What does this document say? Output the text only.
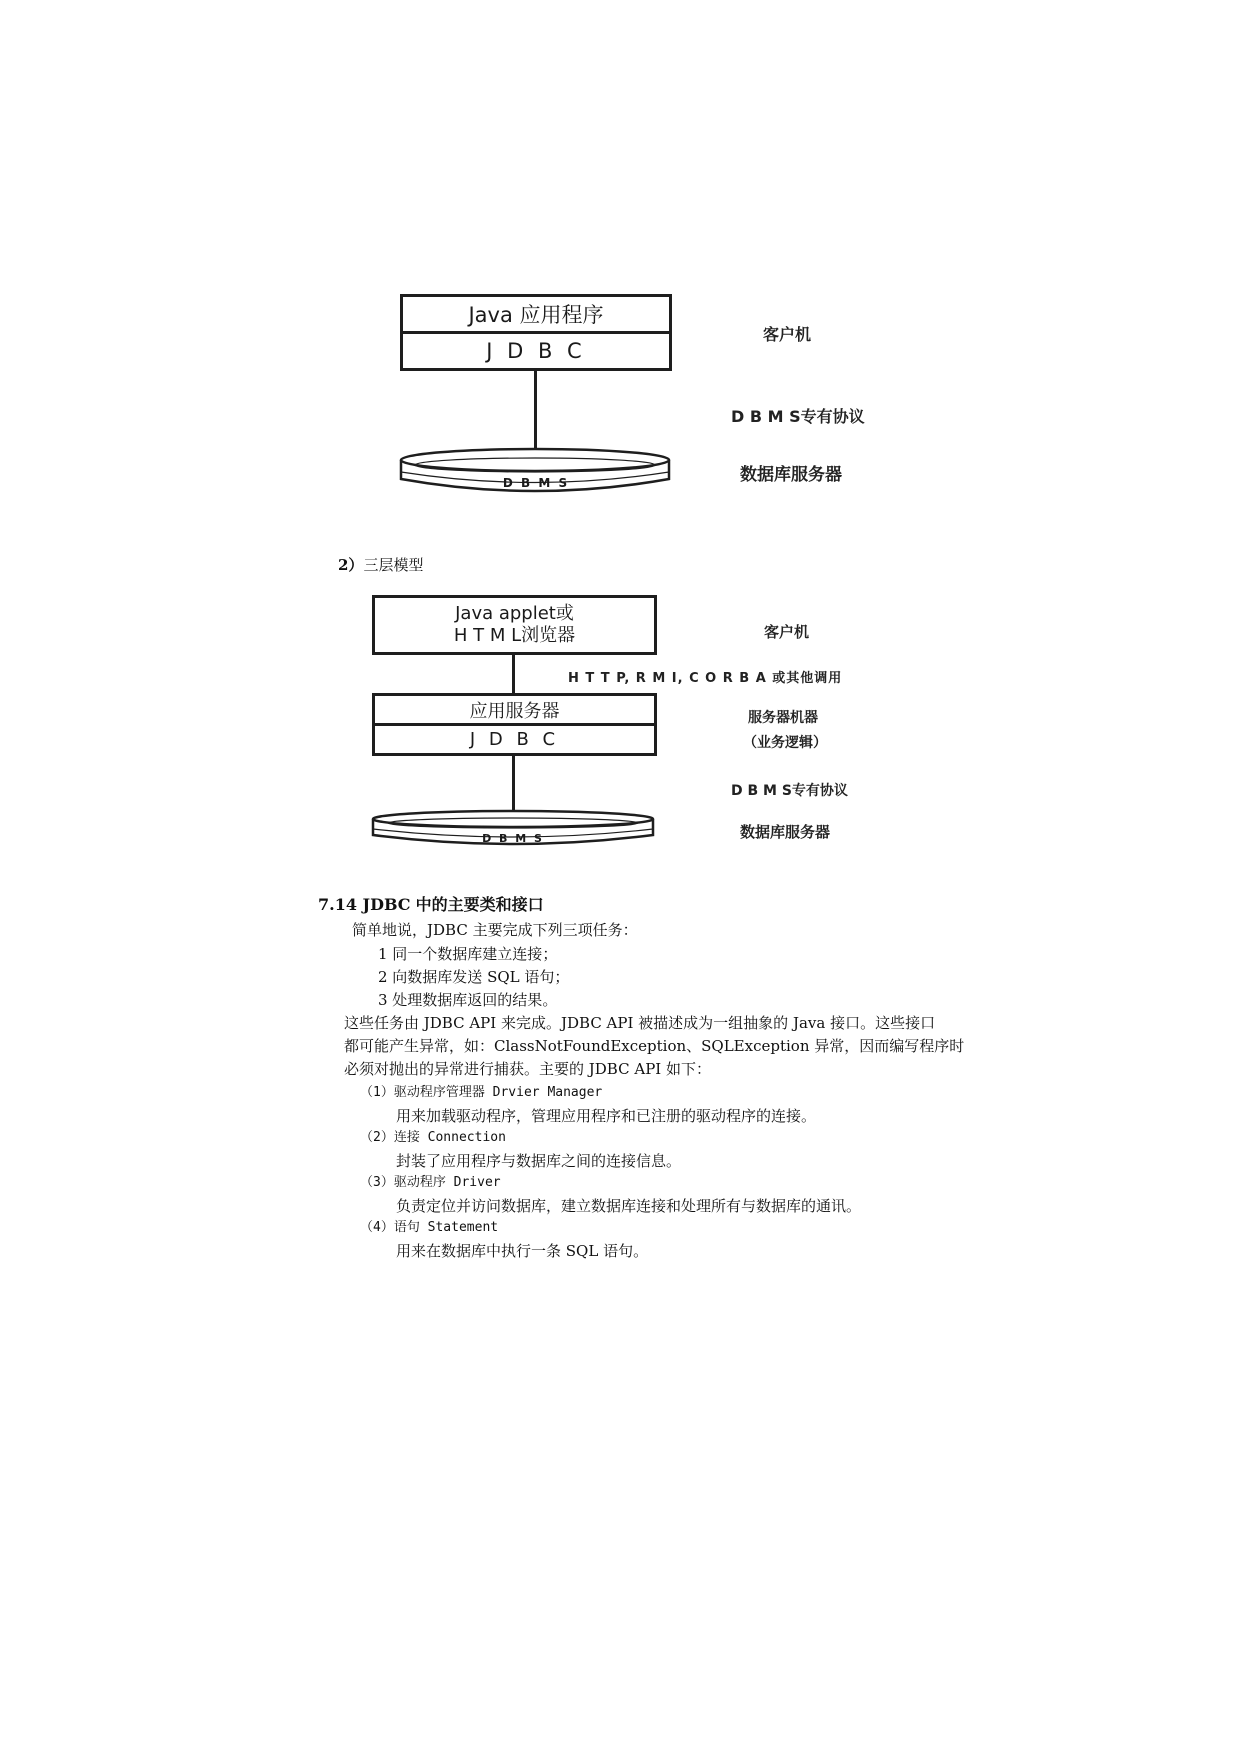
Java 应用程序
J D B C
D B M S
客户机
D B M S专有协议
数据库服务器
2）三层模型
Java applet或
H T M L浏览器
应用服务器
J D B C
D B M S
客户机
H T T P, R M I, C O R B A 或其他调用
服务器机器
（业务逻辑）
D B M S专有协议
数据库服务器
7.14 JDBC 中的主要类和接口
简单地说，JDBC 主要完成下列三项任务：
1 同一个数据库建立连接；
2 向数据库发送 SQL 语句；
3 处理数据库返回的结果。
这些任务由 JDBC API 来完成。JDBC API 被描述成为一组抽象的 Java 接口。这些接口
都可能产生异常，如：ClassNotFoundException、SQLException 异常，因而编写程序时
必须对抛出的异常进行捕获。主要的 JDBC API 如下：
（1）驱动程序管理器 Drvier Manager
用来加载驱动程序，管理应用程序和已注册的驱动程序的连接。
（2）连接 Connection
封装了应用程序与数据库之间的连接信息。
（3）驱动程序 Driver
负责定位并访问数据库，建立数据库连接和处理所有与数据库的通讯。
（4）语句 Statement
用来在数据库中执行一条 SQL 语句。
